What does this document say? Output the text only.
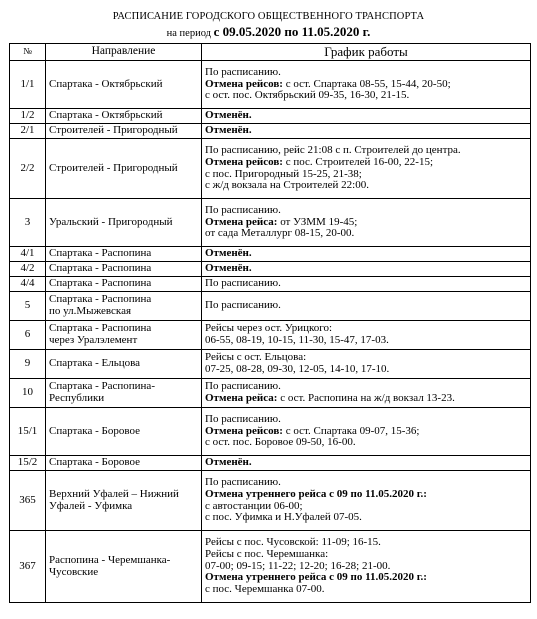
РАСПИСАНИЕ ГОРОДСКОГО ОБЩЕСТВЕННОГО ТРАНСПОРТА
на период с 09.05.2020 по 11.05.2020 г.
№	Направление	График работы
1/1	Спартака - Октябрьский	По расписанию.
Отмена рейсов: с ост. Спартака 08-55, 15-44, 20-50;
с ост. пос. Октябрьский 09-35, 16-30, 21-15.

1/2	Спартака - Октябрьский	Отменён.

2/1	Строителей - Пригородный	Отменён.

2/2	Строителей - Пригородный	По расписанию, рейс 21:08 с п. Строителей до центра.
Отмена рейсов: с пос. Строителей 16-00, 22-15;
с пос. Пригородный 15-25, 21-38;
с ж/д вокзала на Строителей 22:00.

3	Уральский - Пригородный	По расписанию.
Отмена рейса: от УЗММ 19-45;
от сада Металлург 08-15, 20-00.

4/1	Спартака - Распопина	Отменён.

4/2	Спартака - Распопина	Отменён.

4/4	Спартака - Распопина	По расписанию.

5	Спартака - Распопина
по ул.Мыжевская	По расписанию.

6	Спартака - Распопина
через Уралэлемент	Рейсы через ост. Урицкого:
06-55, 08-19, 10-15, 11-30, 15-47, 17-03.

9	Спартака - Ельцова	Рейсы с ост. Ельцова:
07-25, 08-28, 09-30, 12-05, 14-10, 17-10.

10	Спартака - Распопина-
Республики	По расписанию.
Отмена рейса: с ост. Распопина на ж/д вокзал 13-23.

15/1	Спартака - Боровое	По расписанию.
Отмена рейсов: с ост. Спартака 09-07, 15-36;
с ост. пос. Боровое 09-50, 16-00.

15/2	Спартака - Боровое	Отменён.

365	Верхний Уфалей – Нижний
Уфалей - Уфимка	По расписанию.
Отмена утреннего рейса с 09 по 11.05.2020 г.:
с автостанции 06-00;
с пос. Уфимка и Н.Уфалей 07-05.

367	Распопина - Черемшанка-
Чусовские	Рейсы с пос. Чусовской: 11-09; 16-15.
Рейсы с пос. Черемшанка:
07-00; 09-15; 11-22; 12-20; 16-28; 21-00.
Отмена утреннего рейса с 09 по 11.05.2020 г.:
с пос. Черемшанка 07-00.
